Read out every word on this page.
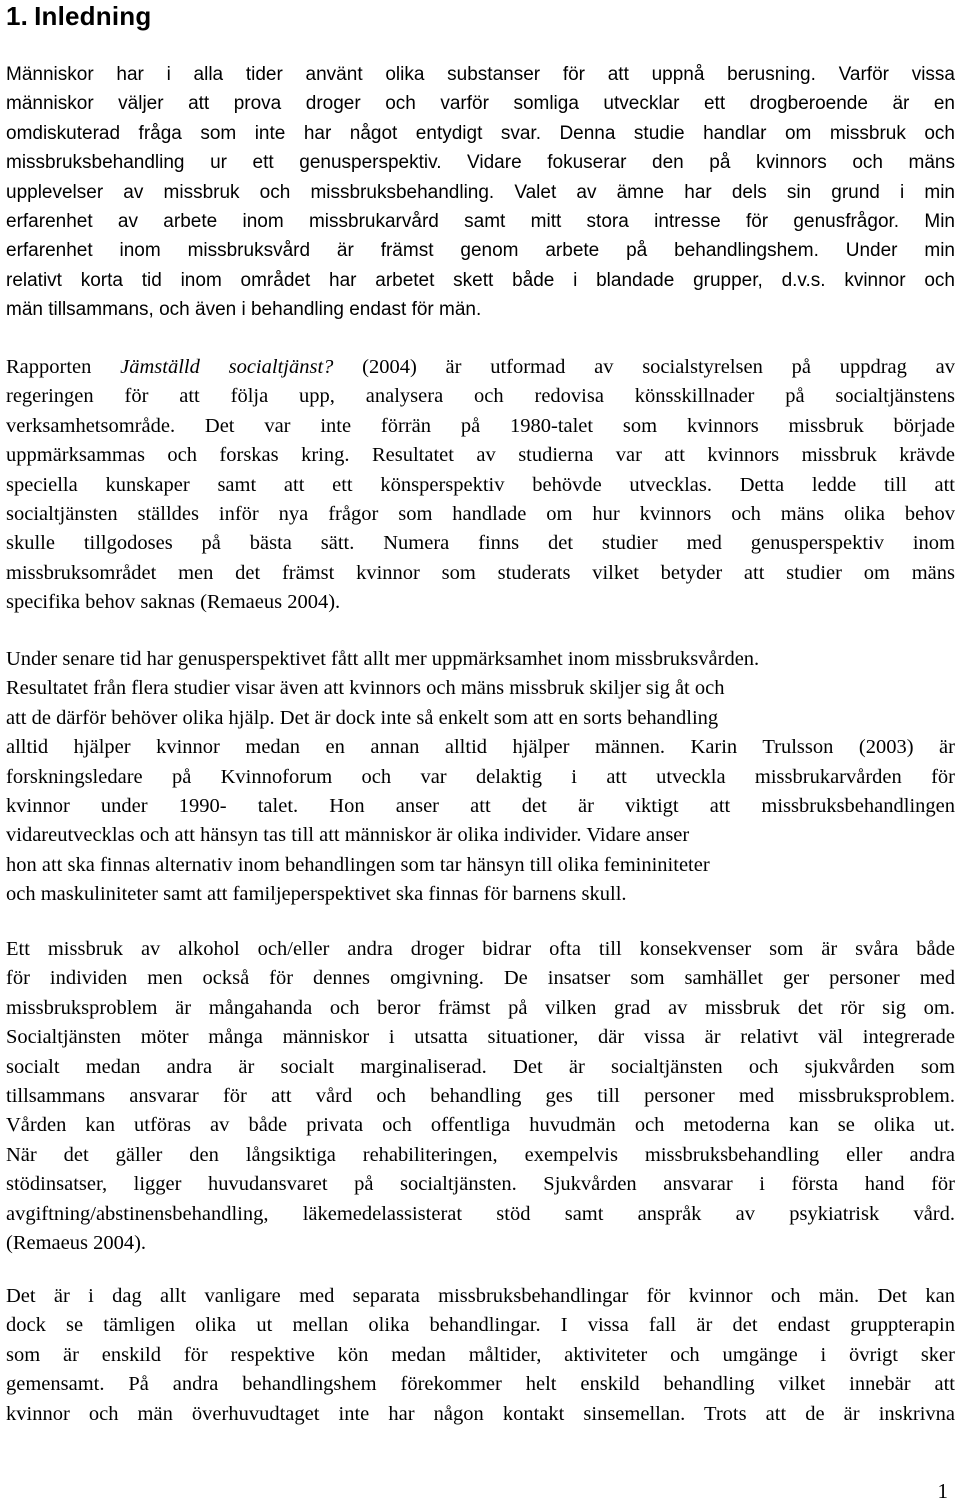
1. Inledning
Människor har i alla tider använt olika substanser för att uppnå berusning. Varför vissa
människor väljer att prova droger och varför somliga utvecklar ett drogberoende är en
omdiskuterad fråga som inte har något entydigt svar. Denna studie handlar om missbruk och
missbruksbehandling ur ett genusperspektiv. Vidare fokuserar den på kvinnors och mäns
upplevelser av missbruk och missbruksbehandling. Valet av ämne har dels sin grund i min
erfarenhet av arbete inom missbrukarvård samt mitt stora intresse för genusfrågor. Min
erfarenhet inom missbruksvård är främst genom arbete på behandlingshem. Under min
relativt korta tid inom området har arbetet skett både i blandade grupper, d.v.s. kvinnor och
män tillsammans, och även i behandling endast för män.
Rapporten Jämställd socialtjänst? (2004) är utformad av socialstyrelsen på uppdrag av
regeringen för att följa upp, analysera och redovisa könsskillnader på socialtjänstens
verksamhetsområde. Det var inte förrän på 1980-talet som kvinnors missbruk började
uppmärksammas och forskas kring. Resultatet av studierna var att kvinnors missbruk krävde
speciella kunskaper samt att ett könsperspektiv behövde utvecklas. Detta ledde till att
socialtjänsten ställdes inför nya frågor som handlade om hur kvinnors och mäns olika behov
skulle tillgodoses på bästa sätt. Numera finns det studier med genusperspektiv inom
missbruksområdet men det främst kvinnor som studerats vilket betyder att studier om mäns
specifika behov saknas (Remaeus 2004).
Under senare tid har genusperspektivet fått allt mer uppmärksamhet inom missbruksvården.
Resultatet från flera studier visar även att kvinnors och mäns missbruk skiljer sig åt och
att de därför behöver olika hjälp. Det är dock inte så enkelt som att en sorts behandling
alltid hjälper kvinnor medan en annan alltid hjälper männen. Karin Trulsson (2003) är
forskningsledare på Kvinnoforum och var delaktig i att utveckla missbrukarvården för
kvinnor under 1990- talet. Hon anser att det är viktigt att missbruksbehandlingen
vidareutvecklas och att hänsyn tas till att människor är olika individer. Vidare anser
hon att ska finnas alternativ inom behandlingen som tar hänsyn till olika femininiteter
och maskuliniteter samt att familjeperspektivet ska finnas för barnens skull.
Ett missbruk av alkohol och/eller andra droger bidrar ofta till konsekvenser som är svåra både
för individen men också för dennes omgivning. De insatser som samhället ger personer med
missbruksproblem är mångahanda och beror främst på vilken grad av missbruk det rör sig om.
Socialtjänsten möter många människor i utsatta situationer, där vissa är relativt väl integrerade
socialt medan andra är socialt marginaliserad. Det är socialtjänsten och sjukvården som
tillsammans ansvarar för att vård och behandling ges till personer med missbruksproblem.
Vården kan utföras av både privata och offentliga huvudmän och metoderna kan se olika ut.
När det gäller den långsiktiga rehabiliteringen, exempelvis missbruksbehandling eller andra
stödinsatser, ligger huvudansvaret på socialtjänsten. Sjukvården ansvarar i första hand för
avgiftning/abstinensbehandling, läkemedelassisterat stöd samt anspråk av psykiatrisk vård.
(Remaeus 2004).
Det är i dag allt vanligare med separata missbruksbehandlingar för kvinnor och män. Det kan
dock se tämligen olika ut mellan olika behandlingar. I vissa fall är det endast gruppterapin
som är enskild för respektive kön medan måltider, aktiviteter och umgänge i övrigt sker
gemensamt. På andra behandlingshem förekommer helt enskild behandling vilket innebär att
kvinnor och män överhuvudtaget inte har någon kontakt sinsemellan. Trots att de är inskrivna
1
